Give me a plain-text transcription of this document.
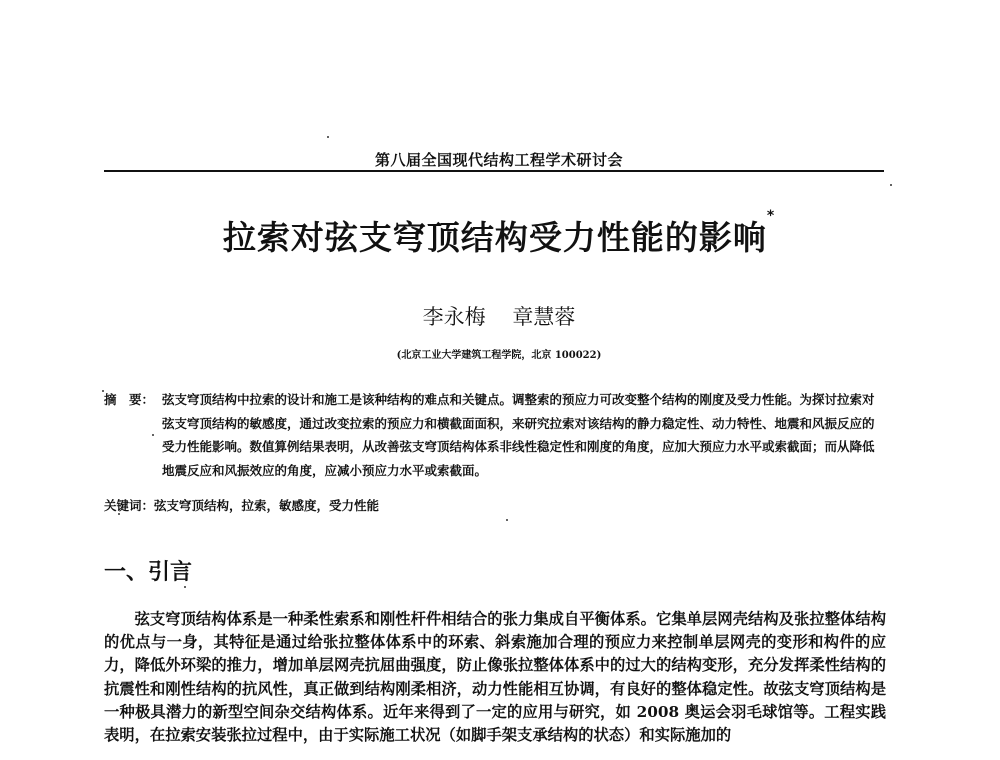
第八届全国现代结构工程学术研讨会
拉索对弦支穹顶结构受力性能的影响*
李永梅 章慧蓉
(北京工业大学建筑工程学院，北京 100022)
摘　要： 弦支穹顶结构中拉索的设计和施工是该种结构的难点和关键点。调整索的预应力可改变整个结构的刚度及受力性能。为探讨拉索对弦支穹顶结构的敏感度，通过改变拉索的预应力和横截面面积，来研究拉索对该结构的静力稳定性、动力特性、地震和风振反应的受力性能影响。数值算例结果表明，从改善弦支穹顶结构体系非线性稳定性和刚度的角度，应加大预应力水平或索截面；而从降低地震反应和风振效应的角度，应减小预应力水平或索截面。
关键词：弦支穹顶结构，拉索，敏感度，受力性能
一、引言
弦支穹顶结构体系是一种柔性索系和刚性杆件相结合的张力集成自平衡体系。它集单层网壳结构及张拉整体结构的优点与一身，其特征是通过给张拉整体体系中的环索、斜索施加合理的预应力来控制单层网壳的变形和构件的应力，降低外环梁的推力，增加单层网壳抗屈曲强度，防止像张拉整体体系中的过大的结构变形，充分发挥柔性结构的抗震性和刚性结构的抗风性，真正做到结构刚柔相济，动力性能相互协调，有良好的整体稳定性。故弦支穹顶结构是一种极具潜力的新型空间杂交结构体系。近年来得到了一定的应用与研究，如 2008 奥运会羽毛球馆等。工程实践表明，在拉索安装张拉过程中，由于实际施工状况（如脚手架支承结构的状态）和实际施加的
